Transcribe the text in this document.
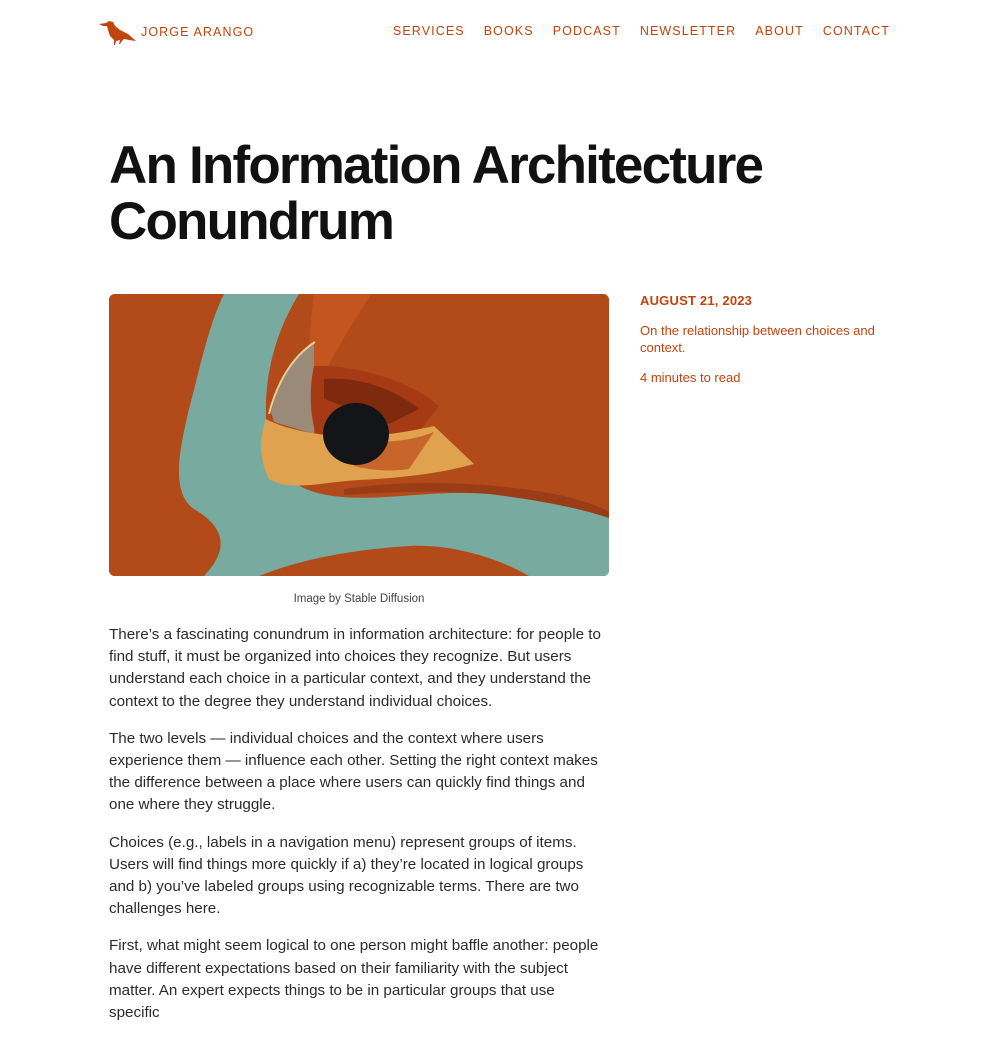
JORGE ARANGO	SERVICES BOOKS PODCAST NEWSLETTER ABOUT CONTACT
An Information Architecture
Conundrum
Image by Stable Diffusion

AUGUST 21, 2023

On the relationship between choices and context.

4 minutes to read

There’s a fascinating conundrum in information architecture: for people to find stuff, it must be organized into choices they recognize. But users understand each choice in a particular context, and they understand the context to the degree they understand individual choices.

The two levels — individual choices and the context where users experience them — influence each other. Setting the right context makes the difference between a place where users can quickly find things and one where they struggle.

Choices (e.g., labels in a navigation menu) represent groups of items. Users will find things more quickly if a) they’re located in logical groups and b) you’ve labeled groups using recognizable terms. There are two challenges here.

First, what might seem logical to one person might baffle another: people have different expectations based on their familiarity with the subject matter. An expert expects things to be in particular groups that use specific
